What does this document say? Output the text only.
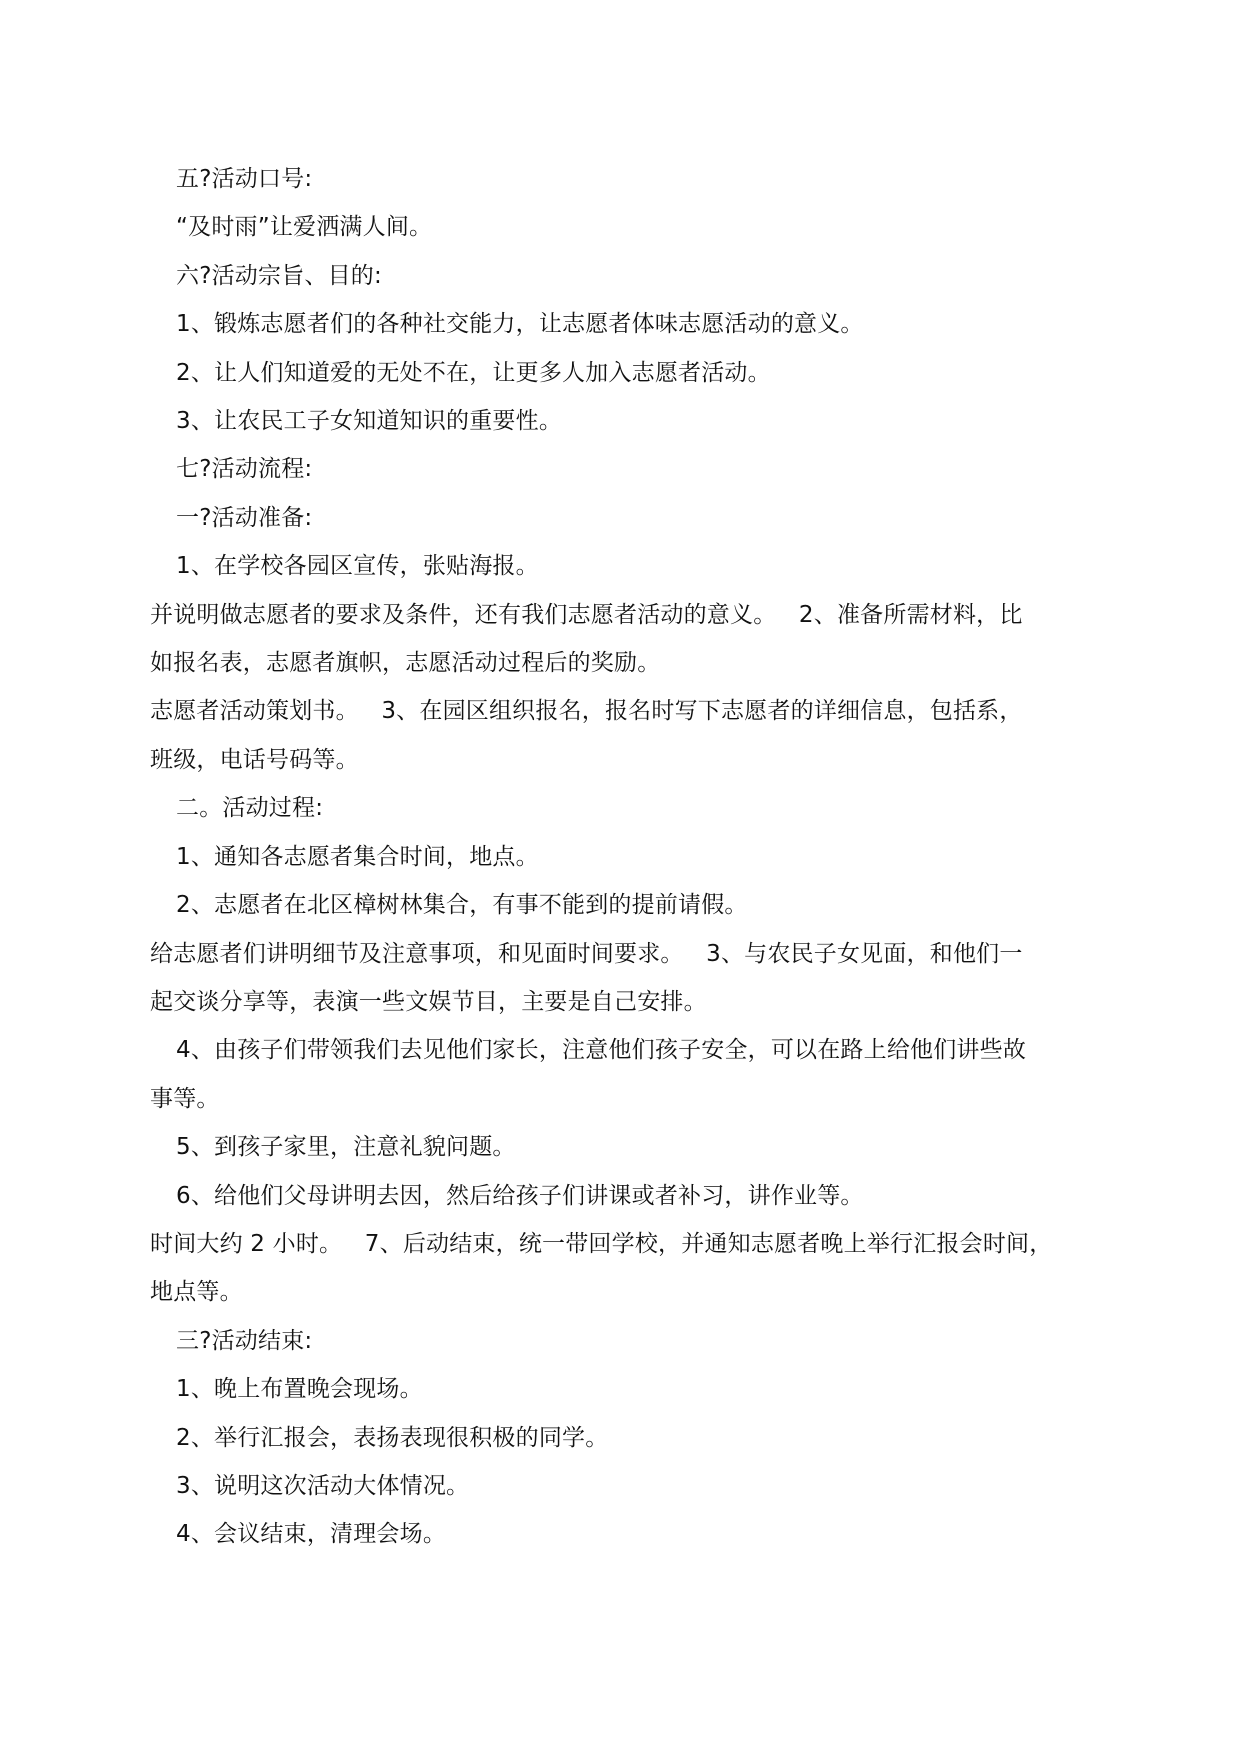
五?活动口号:

“及时雨”让爱洒满人间。

六?活动宗旨、目的:

1、锻炼志愿者们的各种社交能力，让志愿者体味志愿活动的意义。

2、让人们知道爱的无处不在，让更多人加入志愿者活动。

3、让农民工子女知道知识的重要性。

七?活动流程:

一?活动准备:

1、在学校各园区宣传，张贴海报。

并说明做志愿者的要求及条件，还有我们志愿者活动的意义。   2、准备所需材料，比

如报名表，志愿者旗帜，志愿活动过程后的奖励。

志愿者活动策划书。   3、在园区组织报名，报名时写下志愿者的详细信息，包括系，

班级，电话号码等。

二。活动过程:

1、通知各志愿者集合时间，地点。

2、志愿者在北区樟树林集合，有事不能到的提前请假。

给志愿者们讲明细节及注意事项，和见面时间要求。   3、与农民子女见面，和他们一

起交谈分享等，表演一些文娱节目，主要是自己安排。

4、由孩子们带领我们去见他们家长，注意他们孩子安全，可以在路上给他们讲些故

事等。

5、到孩子家里，注意礼貌问题。

6、给他们父母讲明去因，然后给孩子们讲课或者补习，讲作业等。

时间大约 2 小时。   7、后动结束，统一带回学校，并通知志愿者晚上举行汇报会时间，

地点等。

三?活动结束:

1、晚上布置晚会现场。

2、举行汇报会，表扬表现很积极的同学。

3、说明这次活动大体情况。

4、会议结束，清理会场。
